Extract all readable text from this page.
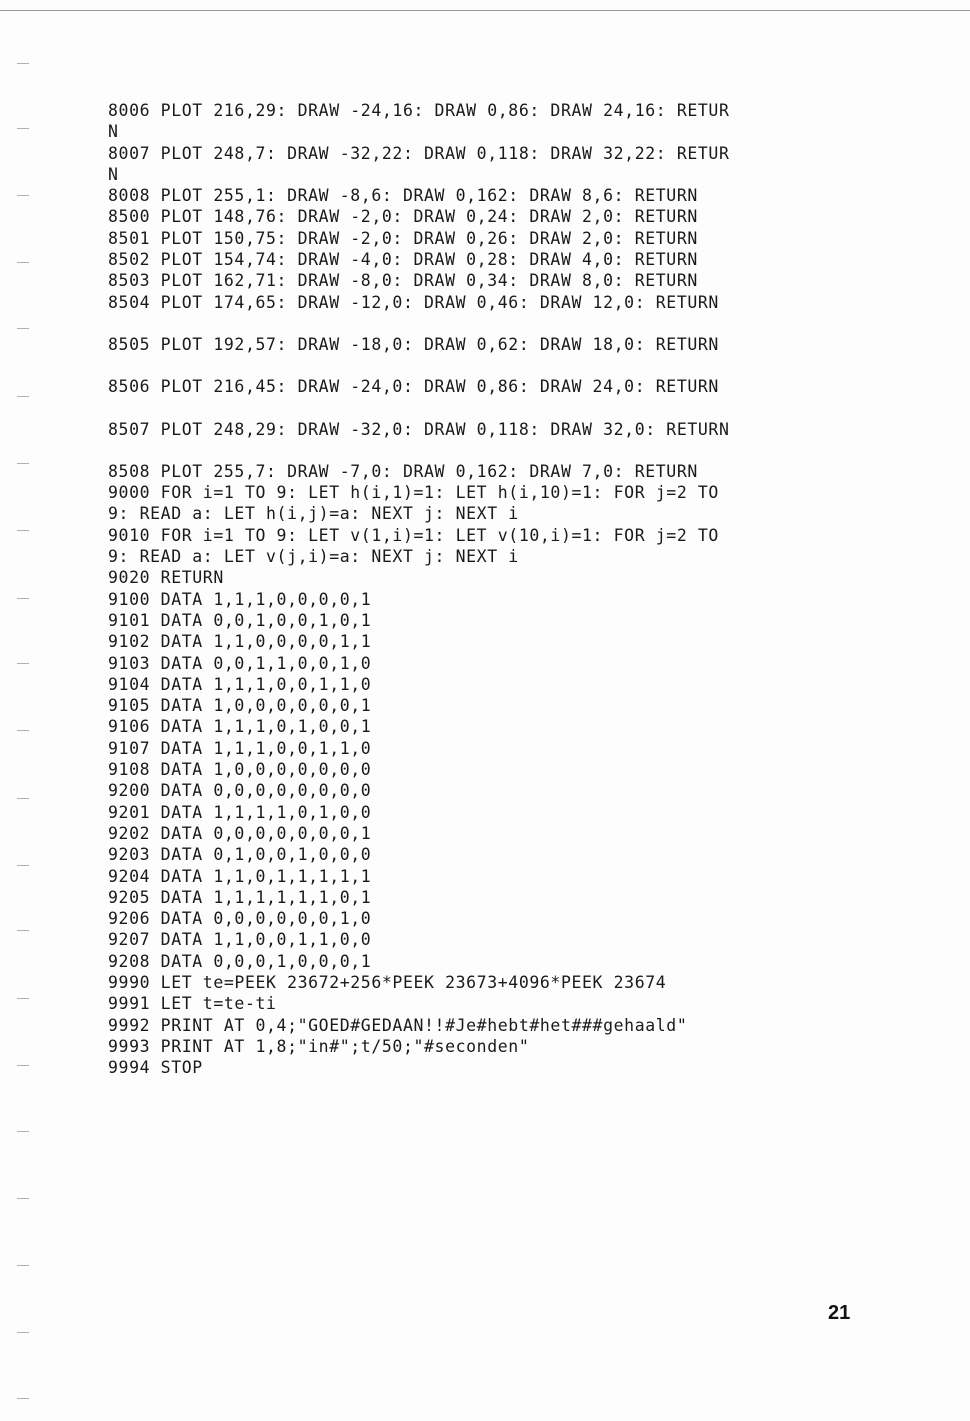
8006 PLOT 216,29: DRAW -24,16: DRAW 0,86: DRAW 24,16: RETUR
N
8007 PLOT 248,7: DRAW -32,22: DRAW 0,118: DRAW 32,22: RETUR
N
8008 PLOT 255,1: DRAW -8,6: DRAW 0,162: DRAW 8,6: RETURN
8500 PLOT 148,76: DRAW -2,0: DRAW 0,24: DRAW 2,0: RETURN
8501 PLOT 150,75: DRAW -2,0: DRAW 0,26: DRAW 2,0: RETURN
8502 PLOT 154,74: DRAW -4,0: DRAW 0,28: DRAW 4,0: RETURN
8503 PLOT 162,71: DRAW -8,0: DRAW 0,34: DRAW 8,0: RETURN
8504 PLOT 174,65: DRAW -12,0: DRAW 0,46: DRAW 12,0: RETURN
8505 PLOT 192,57: DRAW -18,0: DRAW 0,62: DRAW 18,0: RETURN
8506 PLOT 216,45: DRAW -24,0: DRAW 0,86: DRAW 24,0: RETURN
8507 PLOT 248,29: DRAW -32,0: DRAW 0,118: DRAW 32,0: RETURN
8508 PLOT 255,7: DRAW -7,0: DRAW 0,162: DRAW 7,0: RETURN
9000 FOR i=1 TO 9: LET h(i,1)=1: LET h(i,10)=1: FOR j=2 TO
9: READ a: LET h(i,j)=a: NEXT j: NEXT i
9010 FOR i=1 TO 9: LET v(1,i)=1: LET v(10,i)=1: FOR j=2 TO
9: READ a: LET v(j,i)=a: NEXT j: NEXT i
9020 RETURN
9100 DATA 1,1,1,0,0,0,0,1
9101 DATA 0,0,1,0,0,1,0,1
9102 DATA 1,1,0,0,0,0,1,1
9103 DATA 0,0,1,1,0,0,1,0
9104 DATA 1,1,1,0,0,1,1,0
9105 DATA 1,0,0,0,0,0,0,1
9106 DATA 1,1,1,0,1,0,0,1
9107 DATA 1,1,1,0,0,1,1,0
9108 DATA 1,0,0,0,0,0,0,0
9200 DATA 0,0,0,0,0,0,0,0
9201 DATA 1,1,1,1,0,1,0,0
9202 DATA 0,0,0,0,0,0,0,1
9203 DATA 0,1,0,0,1,0,0,0
9204 DATA 1,1,0,1,1,1,1,1
9205 DATA 1,1,1,1,1,1,0,1
9206 DATA 0,0,0,0,0,0,1,0
9207 DATA 1,1,0,0,1,1,0,0
9208 DATA 0,0,0,1,0,0,0,1
9990 LET te=PEEK 23672+256*PEEK 23673+4096*PEEK 23674
9991 LET t=te-ti
9992 PRINT AT 0,4;"GOED#GEDAAN!!#Je#hebt#het###gehaald"
9993 PRINT AT 1,8;"in#";t/50;"#seconden"
9994 STOP
21
